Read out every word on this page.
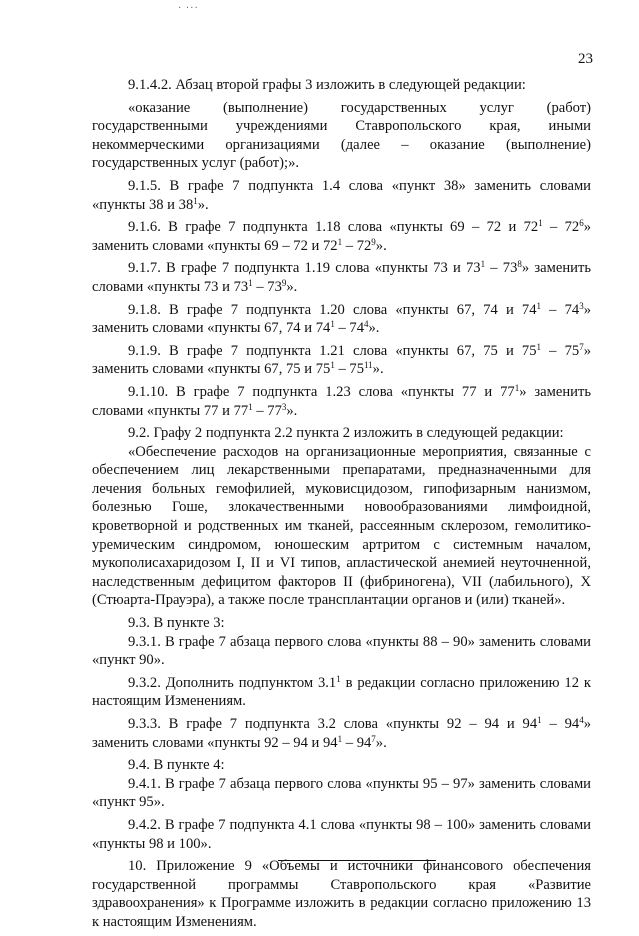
· ···
23

9.1.4.2. Абзац второй графы 3 изложить в следующей редакции:

«оказание (выполнение) государственных услуг (работ) государственными учреждениями Ставропольского края, иными некоммерческими организациями (далее – оказание (выполнение) государственных услуг (работ);».

9.1.5. В графе 7 подпункта 1.4 слова «пункт 38» заменить словами «пункты 38 и $38^1$».

9.1.6. В графе 7 подпункта 1.18 слова «пункты 69 – 72 и $72^1 - 72^6$» заменить словами «пункты 69 – 72 и $72^1 - 72^9$».

9.1.7. В графе 7 подпункта 1.19 слова «пункты 73 и $73^1 - 73^8$» заменить словами «пункты 73 и $73^1 - 73^9$».

9.1.8. В графе 7 подпункта 1.20 слова «пункты 67, 74 и $74^1 - 74^3$» заменить словами «пункты 67, 74 и $74^1 - 74^4$».

9.1.9. В графе 7 подпункта 1.21 слова «пункты 67, 75 и $75^1 - 75^7$» заменить словами «пункты 67, 75 и $75^1 - 75^{11}$».

9.1.10. В графе 7 подпункта 1.23 слова «пункты 77 и $77^1$» заменить словами «пункты 77 и $77^1 - 77^3$».

9.2. Графу 2 подпункта 2.2 пункта 2 изложить в следующей редакции:

«Обеспечение расходов на организационные мероприятия, связанные с обеспечением лиц лекарственными препаратами, предназначенными для лечения больных гемофилией, муковисцидозом, гипофизарным нанизмом, болезнью Гоше, злокачественными новообразованиями лимфоидной, кроветворной и родственных им тканей, рассеянным склерозом, гемолитико-уремическим синдромом, юношеским артритом с системным началом, мукополисахаридозом I, II и VI типов, апластической анемией неуточненной, наследственным дефицитом факторов II (фибриногена), VII (лабильного), X (Стюарта-Прауэра), а также после трансплантации органов и (или) тканей».

9.3. В пункте 3:

9.3.1. В графе 7 абзаца первого слова «пункты 88 – 90» заменить словами «пункт 90».

9.3.2. Дополнить подпунктом $3.1^1$ в редакции согласно приложению 12 к настоящим Изменениям.

9.3.3. В графе 7 подпункта 3.2 слова «пункты 92 – 94 и $94^1 - 94^4$» заменить словами «пункты 92 – 94 и $94^1 - 94^7$».

9.4. В пункте 4:

9.4.1. В графе 7 абзаца первого слова «пункты 95 – 97» заменить словами «пункт 95».

9.4.2. В графе 7 подпункта 4.1 слова «пункты 98 – 100» заменить словами «пункты 98 и 100».

10. Приложение 9 «Объемы и источники финансового обеспечения государственной программы Ставропольского края «Развитие здравоохранения» к Программе изложить в редакции согласно приложению 13 к настоящим Изменениям.
